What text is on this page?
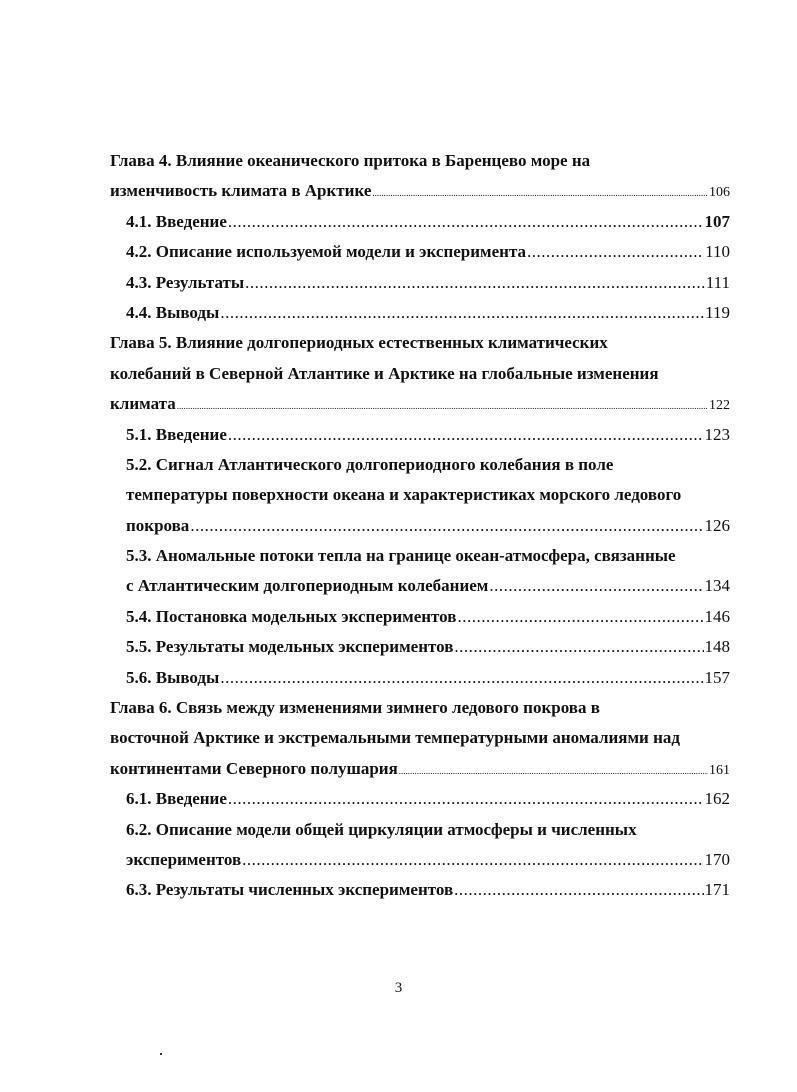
Глава 4. Влияние океанического притока в Баренцево море на
изменчивость климата в Арктике .....	106
4.1. Введение .....	107
4.2. Описание используемой модели и эксперимента .....	110
4.3. Результаты .....	111
4.4. Выводы .....	119
Глава 5. Влияние долгопериодных естественных климатических
колебаний в Северной Атлантике и Арктике на глобальные изменения
климата .....	122
5.1. Введение .....	123
5.2. Сигнал Атлантического долгопериодного колебания в поле
температуры поверхности океана и характеристиках морского ледового
покрова .....	126
5.3. Аномальные потоки тепла на границе океан-атмосфера, связанные
с Атлантическим долгопериодным колебанием .....	134
5.4. Постановка модельных экспериментов .....	146
5.5. Результаты модельных экспериментов .....	148
5.6. Выводы .....	157
Глава 6. Связь между изменениями зимнего ледового покрова в
восточной Арктике и экстремальными температурными аномалиями над
континентами Северного полушария .....	161
6.1. Введение .....	162
6.2. Описание модели общей циркуляции атмосферы и численных
экспериментов .....	170
6.3. Результаты численных экспериментов .....	171
3
